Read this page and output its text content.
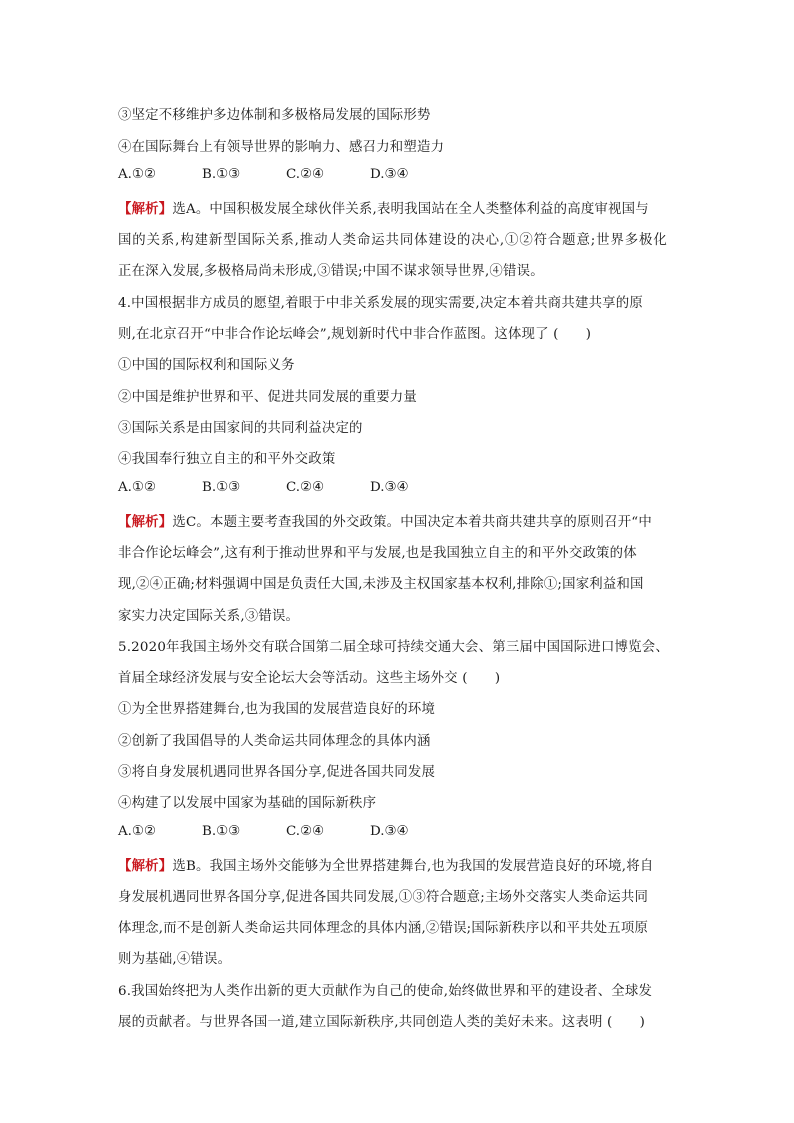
③坚定不移维护多边体制和多极格局发展的国际形势
④在国际舞台上有领导世界的影响力、感召力和塑造力
A.①②	B.①③	C.②④	D.③④
【解析】选A。中国积极发展全球伙伴关系,表明我国站在全人类整体利益的高度审视国与
国的关系,构建新型国际关系,推动人类命运共同体建设的决心,①②符合题意;世界多极化
正在深入发展,多极格局尚未形成,③错误;中国不谋求领导世界,④错误。
4.中国根据非方成员的愿望,着眼于中非关系发展的现实需要,决定本着共商共建共享的原
则,在北京召开“中非合作论坛峰会”,规划新时代中非合作蓝图。这体现了 (　　)
①中国的国际权利和国际义务
②中国是维护世界和平、促进共同发展的重要力量
③国际关系是由国家间的共同利益决定的
④我国奉行独立自主的和平外交政策
A.①②	B.①③	C.②④	D.③④
【解析】选C。本题主要考查我国的外交政策。中国决定本着共商共建共享的原则召开“中
非合作论坛峰会”,这有利于推动世界和平与发展,也是我国独立自主的和平外交政策的体
现,②④正确;材料强调中国是负责任大国,未涉及主权国家基本权利,排除①;国家利益和国
家实力决定国际关系,③错误。
5.2020年我国主场外交有联合国第二届全球可持续交通大会、第三届中国国际进口博览会、
首届全球经济发展与安全论坛大会等活动。这些主场外交 (　　)
①为全世界搭建舞台,也为我国的发展营造良好的环境
②创新了我国倡导的人类命运共同体理念的具体内涵
③将自身发展机遇同世界各国分享,促进各国共同发展
④构建了以发展中国家为基础的国际新秩序
A.①②	B.①③	C.②④	D.③④
【解析】选B。我国主场外交能够为全世界搭建舞台,也为我国的发展营造良好的环境,将自
身发展机遇同世界各国分享,促进各国共同发展,①③符合题意;主场外交落实人类命运共同
体理念,而不是创新人类命运共同体理念的具体内涵,②错误;国际新秩序以和平共处五项原
则为基础,④错误。
6.我国始终把为人类作出新的更大贡献作为自己的使命,始终做世界和平的建设者、全球发
展的贡献者。与世界各国一道,建立国际新秩序,共同创造人类的美好未来。这表明 (　　)
